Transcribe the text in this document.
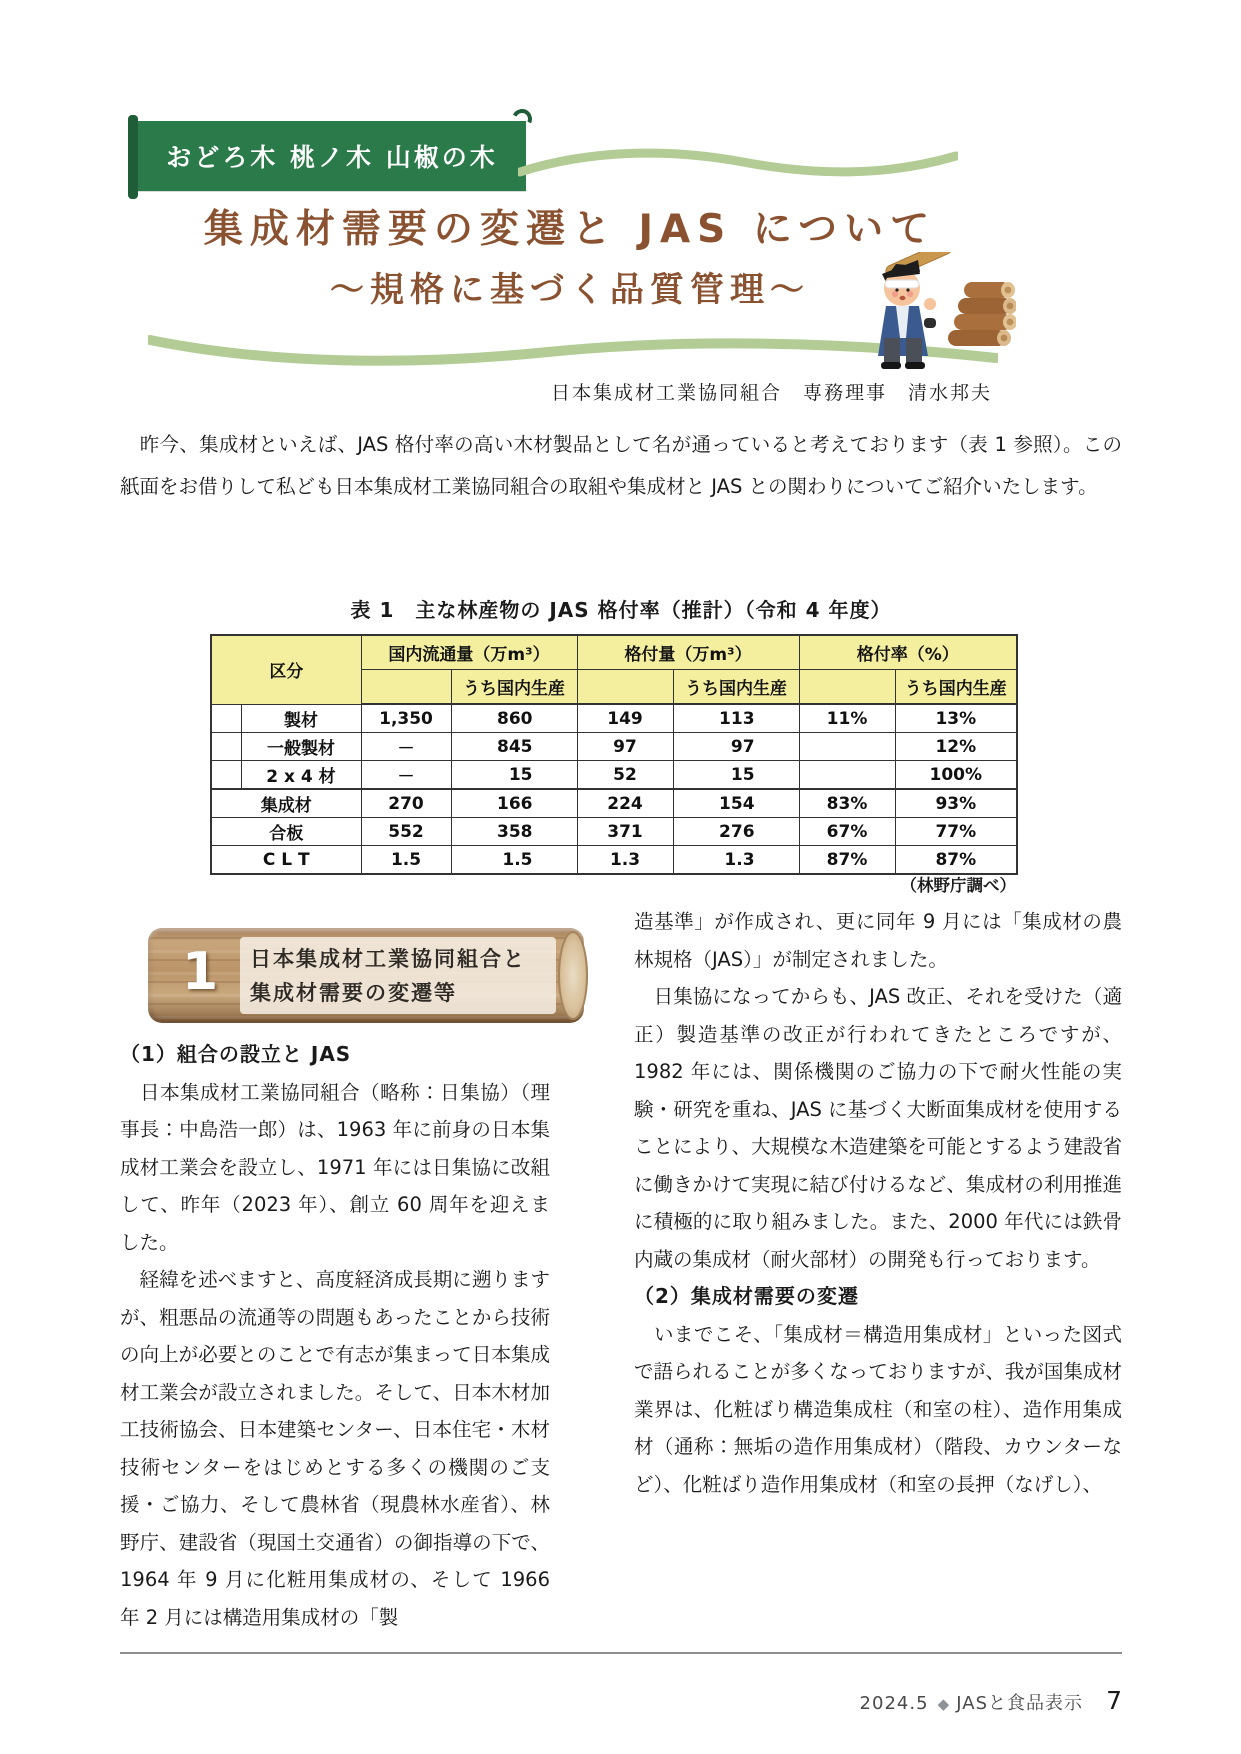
おどろ木 桃ノ木 山椒の木
集成材需要の変遷と JAS について
～規格に基づく品質管理～
日本集成材工業協同組合　専務理事　清水邦夫
　昨今、集成材といえば、JAS 格付率の高い木材製品として名が通っていると考えております（表 1 参照）。この紙面をお借りして私ども日本集成材工業協同組合の取組や集成材と JAS との関わりについてご紹介いたします。
表 1　主な林産物の JAS 格付率（推計）（令和 4 年度）
区分		国内流通量（万m³）		格付量（万m³）		格付率（%）	
			うち国内生産		うち国内生産		うち国内生産
	製材	1,350	860	149	113	11%	13%
	一般製材	－	845	97	97		12%
	2 x 4 材	－	15	52	15		100%
集成材		270	166	224	154	83%	93%
合板		552	358	371	276	67%	77%
C L T		1.5	1.5	1.3	1.3	87%	87%
（林野庁調べ）
1 日本集成材工業協同組合と
集成材需要の変遷等
（1）組合の設立と JAS

　日本集成材工業協同組合（略称：日集協）（理事長：中島浩一郎）は、1963 年に前身の日本集成材工業会を設立し、1971 年には日集協に改組して、昨年（2023 年）、創立 60 周年を迎えました。

　経緯を述べますと、高度経済成長期に遡りますが、粗悪品の流通等の問題もあったことから技術の向上が必要とのことで有志が集まって日本集成材工業会が設立されました。そして、日本木材加工技術協会、日本建築センター、日本住宅・木材技術センターをはじめとする多くの機関のご支援・ご協力、そして農林省（現農林水産省）、林野庁、建設省（現国土交通省）の御指導の下で、1964 年 9 月に化粧用集成材の、そして 1966 年 2 月には構造用集成材の「製

造基準」が作成され、更に同年 9 月には「集成材の農林規格（JAS）」が制定されました。

　日集協になってからも、JAS 改正、それを受けた（適正）製造基準の改正が行われてきたところですが、1982 年には、関係機関のご協力の下で耐火性能の実験・研究を重ね、JAS に基づく大断面集成材を使用することにより、大規模な木造建築を可能とするよう建設省に働きかけて実現に結び付けるなど、集成材の利用推進に積極的に取り組みました。また、2000 年代には鉄骨内蔵の集成材（耐火部材）の開発も行っております。

（2）集成材需要の変遷

　いまでこそ、「集成材＝構造用集成材」といった図式で語られることが多くなっておりますが、我が国集成材業界は、化粧ばり構造集成柱（和室の柱）、造作用集成材（通称：無垢の造作用集成材）（階段、カウンターなど）、化粧ばり造作用集成材（和室の長押（なげし）、

2024.5 ◆ JASと食品表示 7
